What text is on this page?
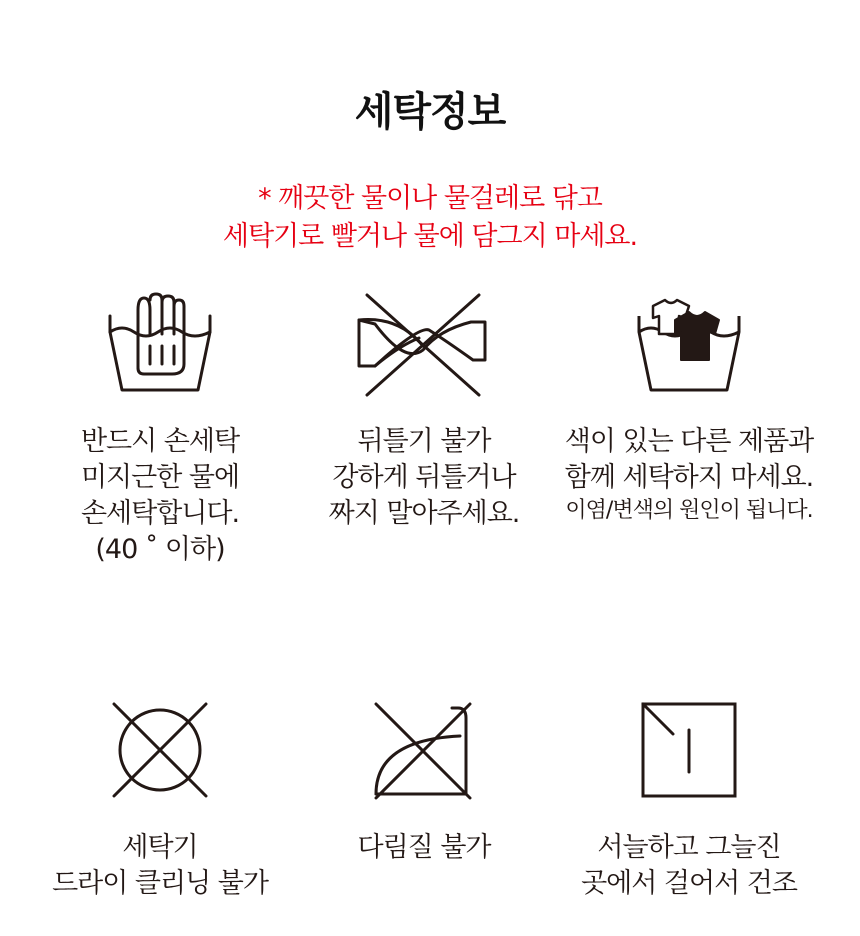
세탁정보
* 깨끗한 물이나 물걸레로 닦고
세탁기로 빨거나 물에 담그지 마세요.
반드시 손세탁
미지근한 물에
손세탁합니다.
(40 ˚ 이하)
뒤틀기 불가
강하게 뒤틀거나
짜지 말아주세요.
색이 있는 다른 제품과
함께 세탁하지 마세요.
이염/변색의 원인이 됩니다.
세탁기
드라이 클리닝 불가
다림질 불가	서늘하고 그늘진
곳에서 걸어서 건조
